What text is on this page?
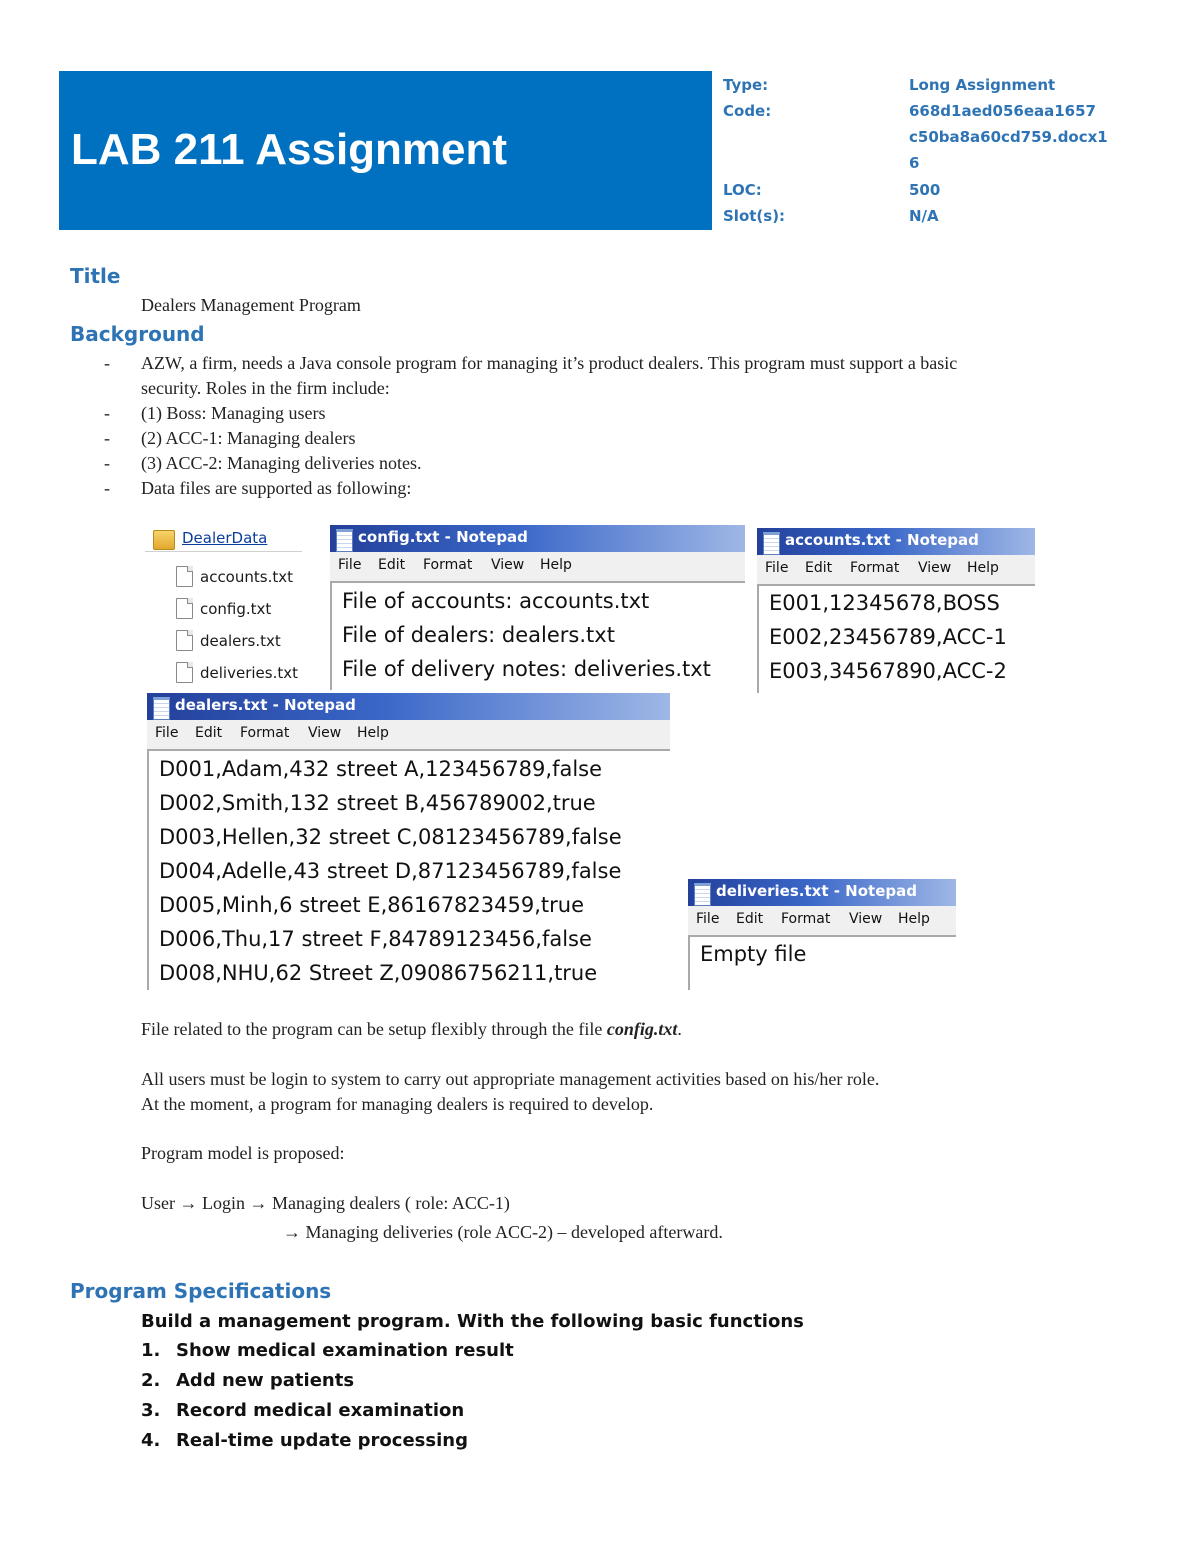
LAB 211 Assignment
Type:	Long Assignment
Code:	668d1aed056eaa1657
c50ba8a60cd759.docx1
6
LOC:	500
Slot(s):	N/A
Title
Dealers Management Program
Background
- AZW, a firm, needs a Java console program for managing it’s product dealers. This program must support a basic
security. Roles in the firm include:
- (1) Boss: Managing users
- (2) ACC-1: Managing dealers
- (3) ACC-2: Managing deliveries notes.
- Data files are supported as following:
DealerData
accounts.txt
config.txt
dealers.txt
deliveries.txt
config.txt - Notepad
File Edit Format View Help
File of accounts: accounts.txt
File of dealers: dealers.txt
File of delivery notes: deliveries.txt
accounts.txt - Notepad
File Edit Format View Help
E001,12345678,BOSS
E002,23456789,ACC-1
E003,34567890,ACC-2
dealers.txt - Notepad
File Edit Format View Help
D001,Adam,432 street A,123456789,false
D002,Smith,132 street B,456789002,true
D003,Hellen,32 street C,08123456789,false
D004,Adelle,43 street D,87123456789,false
D005,Minh,6 street E,86167823459,true
D006,Thu,17 street F,84789123456,false
D008,NHU,62 Street Z,09086756211,true
deliveries.txt - Notepad
File Edit Format View Help
Empty file
File related to the program can be setup flexibly through the file config.txt.
All users must be login to system to carry out appropriate management activities based on his/her role.
At the moment, a program for managing dealers is required to develop.
Program model is proposed:
User → Login → Managing dealers ( role: ACC-1)
→ Managing deliveries (role ACC-2) – developed afterward.
Program Specifications
Build a management program. With the following basic functions
1. Show medical examination result
2. Add new patients
3. Record medical examination
4. Real-time update processing
